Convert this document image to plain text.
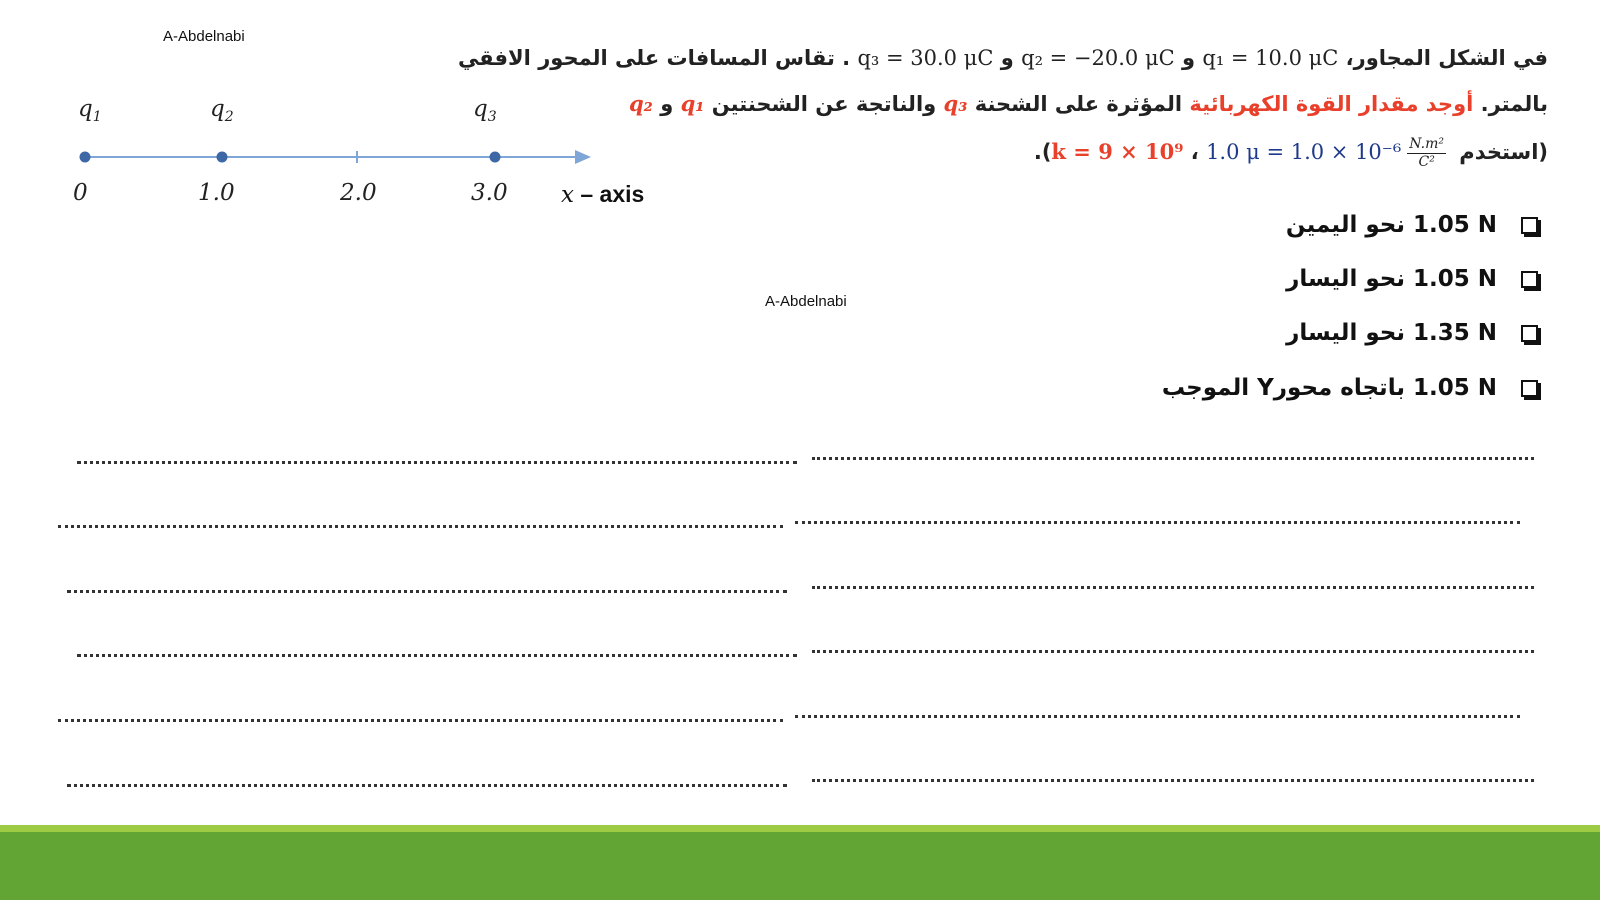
A-Abdelnabi
A-Abdelnabi
$q_1$	$q_2$	$q_3$
0	1.0	2.0	3.0 x – axis
في الشكل المجاور، q₁ = 10.0 μC و q₂ = −20.0 μC و q₃ = 30.0 μC . تقاس المسافات على المحور الافقي
بالمتر. أوجد مقدار القوة الكهربائية المؤثرة على الشحنة q₃ والناتجة عن الشحنتين q₁ و q₂
(استخدم
$\frac{\text{N.m²}}{\text{C²}}$
k = 9 × 10⁹ ، 1.0 μ = 1.0 × 10⁻⁶).
1.05 N نحو اليمين
1.05 N نحو اليسار
1.35 N نحو اليسار
1.05 N باتجاه محورY الموجب
